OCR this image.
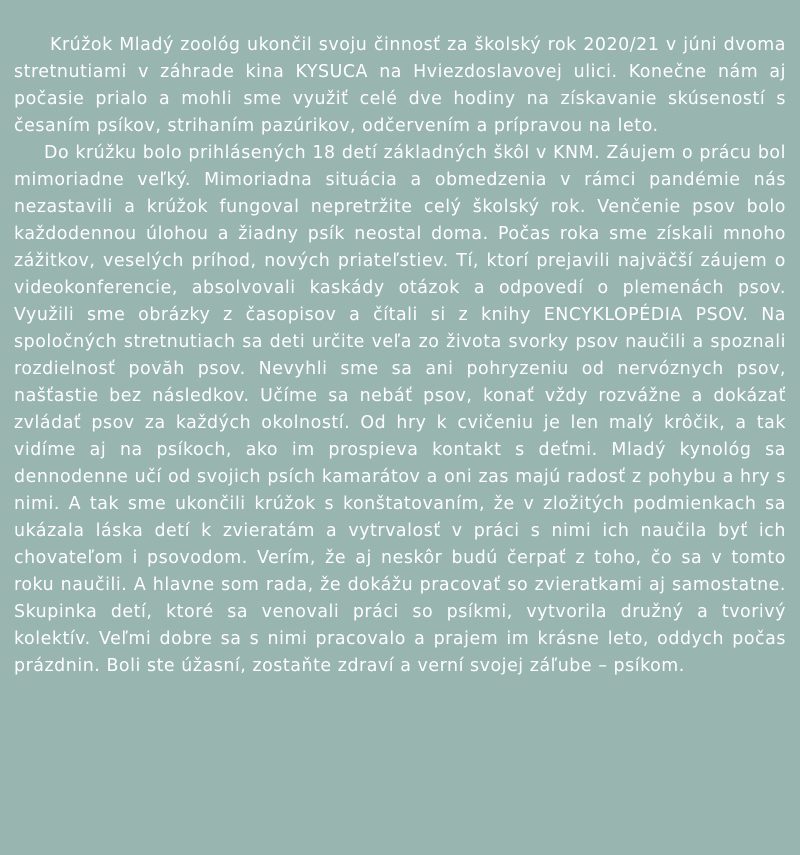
Krúžok Mladý zoológ ukončil svoju činnosť za školský rok 2020/21 v júni dvoma stretnutiami v záhrade kina KYSUCA na Hviezdoslavovej ulici. Konečne nám aj počasie prialo a mohli sme využiť celé dve hodiny na získavanie skúseností s česaním psíkov, strihaním pazúrikov, odčervením a prípravou na leto.

Do krúžku bolo prihlásených 18 detí základných škôl v KNM. Záujem o prácu bol mimoriadne veľký. Mimoriadna situácia a obmedzenia v rámci pandémie nás nezastavili a krúžok fungoval nepretržite celý školský rok. Venčenie psov bolo každodennou úlohou a žiadny psík neostal doma. Počas roka sme získali mnoho zážitkov, veselých príhod, nových priateľstiev. Tí, ktorí prejavili najväčší záujem o videokonferencie, absolvovali kaskády otázok a odpovedí o plemenách psov. Využili sme obrázky z časopisov a čítali si z knihy ENCYKLOPÉDIA PSOV. Na spoločných stretnutiach sa deti určite veľa zo života svorky psov naučili a spoznali rozdielnosť povăh psov. Nevyhli sme sa ani pohryzeniu od nervóznych psov, našťastie bez následkov. Učíme sa nebáť psov, konať vždy rozvážne a dokázať zvládať psov za každých okolností. Od hry k cvičeniu je len malý krôčik, a tak vidíme aj na psíkoch, ako im prospieva kontakt s deťmi. Mladý kynológ sa dennodenne učí od svojich psích kamarátov a oni zas majú radosť z pohybu a hry s nimi. A tak sme ukončili krúžok s konštatovaním, že v zložitých podmienkach sa ukázala láska detí k zvieratám a vytrvalosť v práci s nimi ich naučila byť ich chovateľom i psovodom. Verím, že aj neskôr budú čerpať z toho, čo sa v tomto roku naučili. A hlavne som rada, že dokážu pracovať so zvieratkami aj samostatne. Skupinka detí, ktoré sa venovali práci so psíkmi, vytvorila družný a tvorivý kolektív. Veľmi dobre sa s nimi pracovalo a prajem im krásne leto, oddych počas prázdnin. Boli ste úžasní, zostaňte zdraví a verní svojej záľube – psíkom.
